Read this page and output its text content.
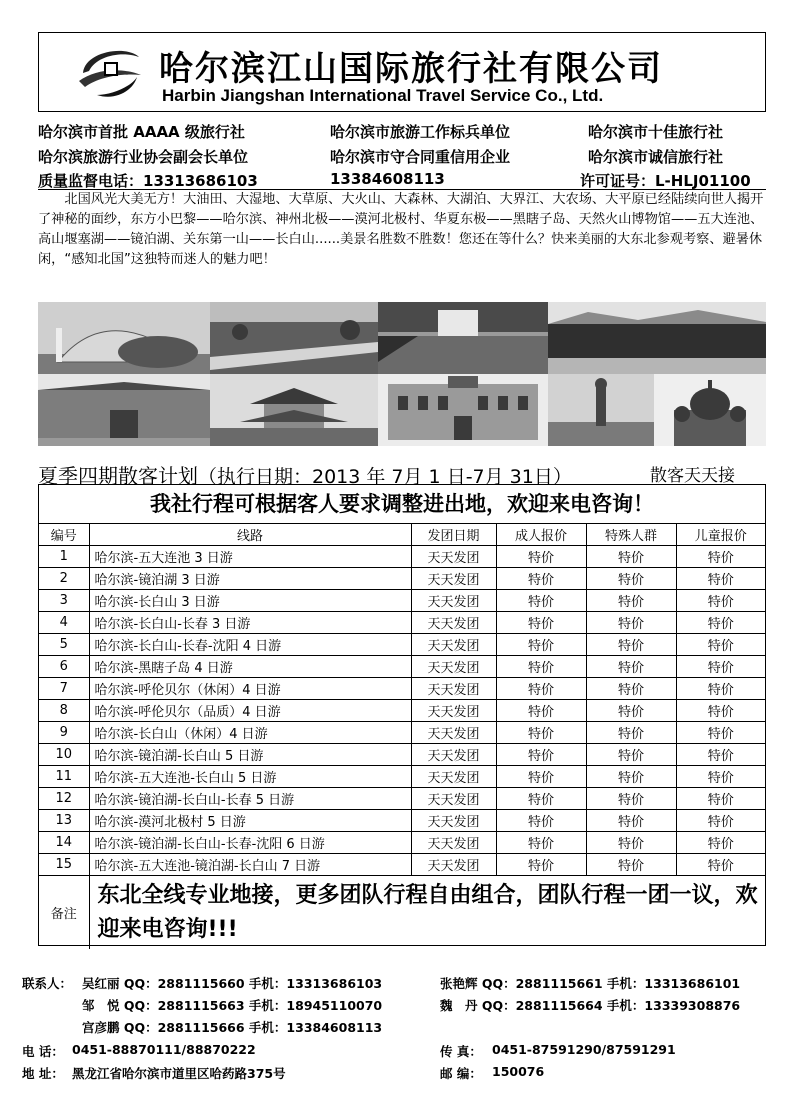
哈尔滨江山国际旅行社有限公司
Harbin Jiangshan International Travel Service Co., Ltd.
哈尔滨市首批 AAAA 级旅行社	哈尔滨市旅游工作标兵单位	哈尔滨市十佳旅行社
哈尔滨旅游行业协会副会长单位	哈尔滨市守合同重信用企业	哈尔滨市诚信旅行社
质量监督电话：13313686103	13384608113	许可证号：L-HLJ01100

北国风光大美无方！大油田、大湿地、大草原、大火山、大森林、大湖泊、大界江、大农场、大平原已经陆续向世人揭开了神秘的面纱，东方小巴黎——哈尔滨、神州北极——漠河北极村、华夏东极——黑瞎子岛、天然火山博物馆——五大连池、高山堰塞湖——镜泊湖、关东第一山——长白山......美景名胜数不胜数！您还在等什么？快来美丽的大东北参观考察、避暑休闲，“感知北国”这独特而迷人的魅力吧！

夏季四期散客计划（执行日期：2013 年 7月 1 日-7月 31日）	散客天天接
我社行程可根据客人要求调整进出地，欢迎来电咨询！
编号	线路	发团日期	成人报价	特殊人群	儿童报价
1	哈尔滨-五大连池 3 日游	天天发团	特价	特价	特价
2	哈尔滨-镜泊湖 3 日游	天天发团	特价	特价	特价
3	哈尔滨-长白山 3 日游	天天发团	特价	特价	特价
4	哈尔滨-长白山-长春 3 日游	天天发团	特价	特价	特价
5	哈尔滨-长白山-长春-沈阳 4 日游	天天发团	特价	特价	特价
6	哈尔滨-黑瞎子岛 4 日游	天天发团	特价	特价	特价
7	哈尔滨-呼伦贝尔（休闲）4 日游	天天发团	特价	特价	特价
8	哈尔滨-呼伦贝尔（品质）4 日游	天天发团	特价	特价	特价
9	哈尔滨-长白山（休闲）4 日游	天天发团	特价	特价	特价
10	哈尔滨-镜泊湖-长白山 5 日游	天天发团	特价	特价	特价
11	哈尔滨-五大连池-长白山 5 日游	天天发团	特价	特价	特价
12	哈尔滨-镜泊湖-长白山-长春 5 日游	天天发团	特价	特价	特价
13	哈尔滨-漠河北极村 5 日游	天天发团	特价	特价	特价
14	哈尔滨-镜泊湖-长白山-长春-沈阳 6 日游	天天发团	特价	特价	特价
15	哈尔滨-五大连池-镜泊湖-长白山 7 日游	天天发团	特价	特价	特价
备注	东北全线专业地接，更多团队行程自由组合，团队行程一团一议，欢迎来电咨询!!!				
联系人： 吴红丽 QQ：2881115660 手机：13313686103	张艳辉 QQ：2881115661 手机：13313686101
邹　悦 QQ：2881115663 手机：18945110070	魏　丹 QQ：2881115664 手机：13339308876
宫彦鹏 QQ：2881115666 手机：13384608113
电 话： 0451-88870111/88870222	传 真： 0451-87591290/87591291
地 址： 黑龙江省哈尔滨市道里区哈药路375号	邮 编： 150076
